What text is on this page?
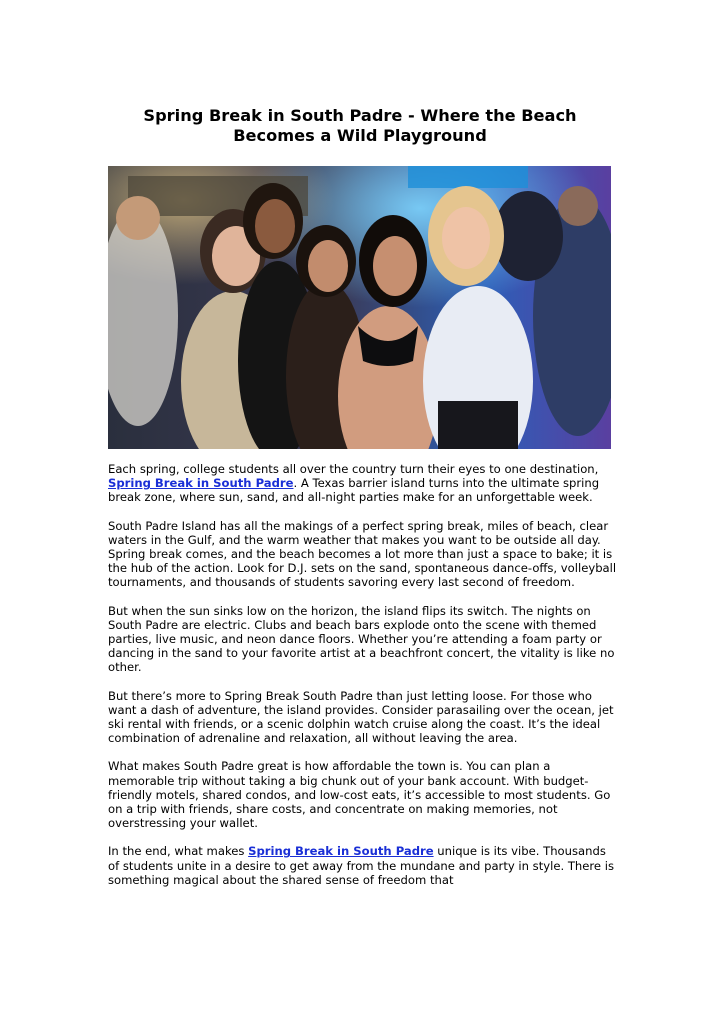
Spring Break in South Padre - Where the Beach Becomes a Wild Playground

Each spring, college students all over the country turn their eyes to one destination, Spring Break in South Padre. A Texas barrier island turns into the ultimate spring break zone, where sun, sand, and all-night parties make for an unforgettable week.

South Padre Island has all the makings of a perfect spring break, miles of beach, clear waters in the Gulf, and the warm weather that makes you want to be outside all day. Spring break comes, and the beach becomes a lot more than just a space to bake; it is the hub of the action. Look for D.J. sets on the sand, spontaneous dance-offs, volleyball tournaments, and thousands of students savoring every last second of freedom.

But when the sun sinks low on the horizon, the island flips its switch. The nights on South Padre are electric. Clubs and beach bars explode onto the scene with themed parties, live music, and neon dance floors. Whether you’re attending a foam party or dancing in the sand to your favorite artist at a beachfront concert, the vitality is like no other.

But there’s more to Spring Break South Padre than just letting loose. For those who want a dash of adventure, the island provides. Consider parasailing over the ocean, jet ski rental with friends, or a scenic dolphin watch cruise along the coast. It’s the ideal combination of adrenaline and relaxation, all without leaving the area.

What makes South Padre great is how affordable the town is. You can plan a memorable trip without taking a big chunk out of your bank account. With budget-friendly motels, shared condos, and low-cost eats, it’s accessible to most students. Go on a trip with friends, share costs, and concentrate on making memories, not overstressing your wallet.

In the end, what makes Spring Break in South Padre unique is its vibe. Thousands of students unite in a desire to get away from the mundane and party in style. There is something magical about the shared sense of freedom that
